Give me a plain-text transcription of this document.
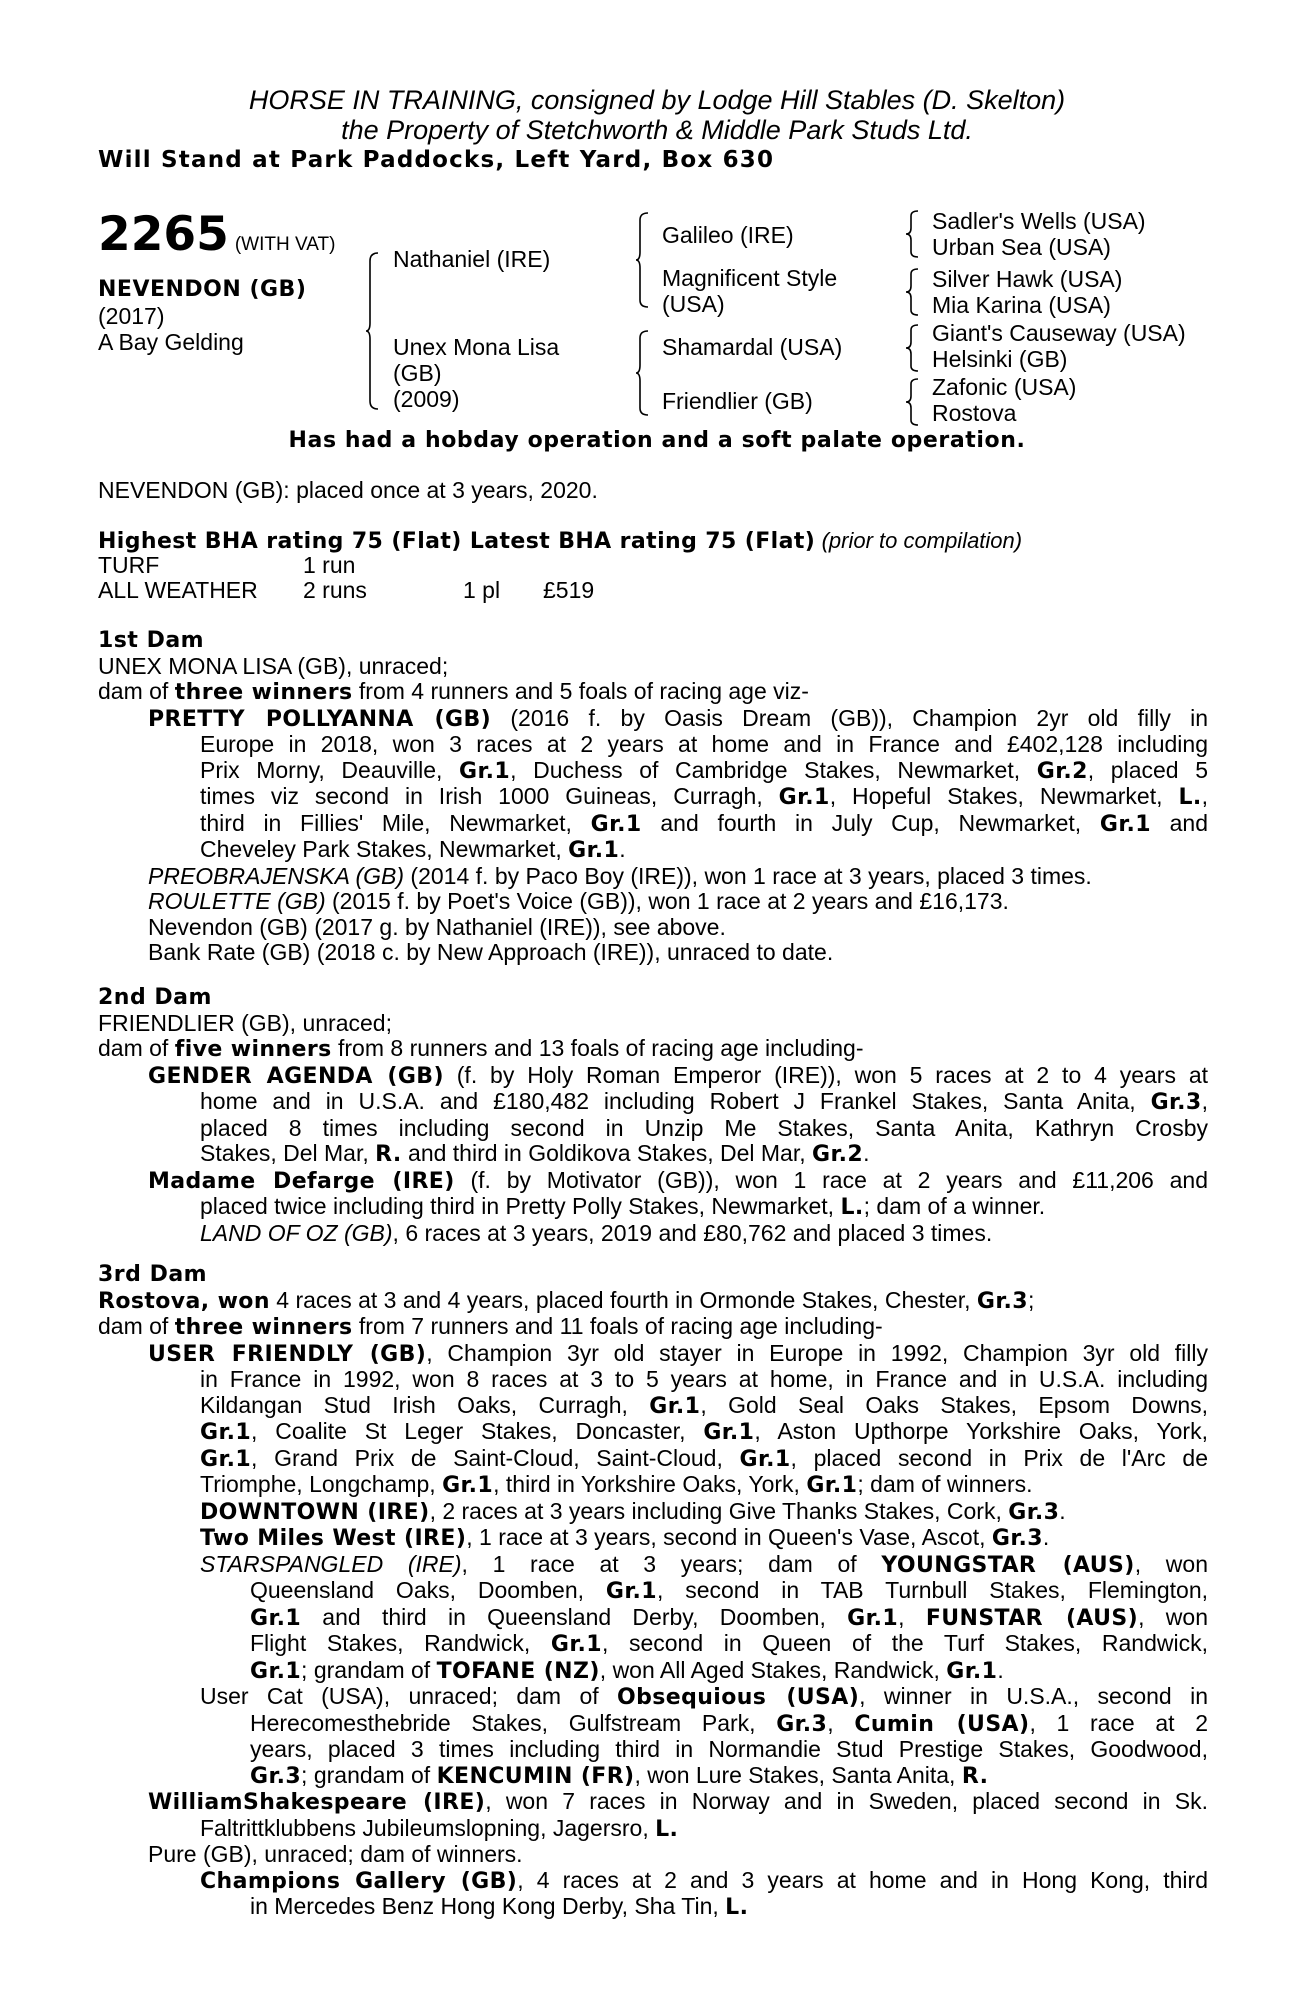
HORSE IN TRAINING, consigned by Lodge Hill Stables (D. Skelton)
the Property of Stetchworth & Middle Park Studs Ltd.
Will Stand at Park Paddocks, Left Yard, Box 630
2265 (WITH VAT)
NEVENDON (GB)
(2017)
A Bay Gelding
Nathaniel (IRE)
Unex Mona Lisa
(GB)
(2009)
Galileo (IRE)
Magnificent Style
(USA)
Shamardal (USA)
Friendlier (GB)
Sadler's Wells (USA)
Urban Sea (USA)
Silver Hawk (USA)
Mia Karina (USA)
Giant's Causeway (USA)
Helsinki (GB)
Zafonic (USA)
Rostova
Has had a hobday operation and a soft palate operation.
NEVENDON (GB): placed once at 3 years, 2020.
Highest BHA rating 75 (Flat) Latest BHA rating 75 (Flat) (prior to compilation)
TURF	1 run
ALL WEATHER 2 runs	1 pl £519

1st Dam

UNEX MONA LISA (GB), unraced;

dam of three winners from 4 runners and 5 foals of racing age viz-

PRETTY POLLYANNA (GB) (2016 f. by Oasis Dream (GB)), Champion 2yr old filly in

Europe in 2018, won 3 races at 2 years at home and in France and £402,128 including

Prix Morny, Deauville, Gr.1, Duchess of Cambridge Stakes, Newmarket, Gr.2, placed 5

times viz second in Irish 1000 Guineas, Curragh, Gr.1, Hopeful Stakes, Newmarket, L.,

third in Fillies' Mile, Newmarket, Gr.1 and fourth in July Cup, Newmarket, Gr.1 and

Cheveley Park Stakes, Newmarket, Gr.1.

PREOBRAJENSKA (GB) (2014 f. by Paco Boy (IRE)), won 1 race at 3 years, placed 3 times.

ROULETTE (GB) (2015 f. by Poet's Voice (GB)), won 1 race at 2 years and £16,173.

Nevendon (GB) (2017 g. by Nathaniel (IRE)), see above.

Bank Rate (GB) (2018 c. by New Approach (IRE)), unraced to date.

2nd Dam

FRIENDLIER (GB), unraced;

dam of five winners from 8 runners and 13 foals of racing age including-

GENDER AGENDA (GB) (f. by Holy Roman Emperor (IRE)), won 5 races at 2 to 4 years at

home and in U.S.A. and £180,482 including Robert J Frankel Stakes, Santa Anita, Gr.3,

placed 8 times including second in Unzip Me Stakes, Santa Anita, Kathryn Crosby

Stakes, Del Mar, R. and third in Goldikova Stakes, Del Mar, Gr.2.

Madame Defarge (IRE) (f. by Motivator (GB)), won 1 race at 2 years and £11,206 and

placed twice including third in Pretty Polly Stakes, Newmarket, L.; dam of a winner.

LAND OF OZ (GB), 6 races at 3 years, 2019 and £80,762 and placed 3 times.

3rd Dam

Rostova, won 4 races at 3 and 4 years, placed fourth in Ormonde Stakes, Chester, Gr.3;

dam of three winners from 7 runners and 11 foals of racing age including-

USER FRIENDLY (GB), Champion 3yr old stayer in Europe in 1992, Champion 3yr old filly

in France in 1992, won 8 races at 3 to 5 years at home, in France and in U.S.A. including

Kildangan Stud Irish Oaks, Curragh, Gr.1, Gold Seal Oaks Stakes, Epsom Downs,

Gr.1, Coalite St Leger Stakes, Doncaster, Gr.1, Aston Upthorpe Yorkshire Oaks, York,

Gr.1, Grand Prix de Saint-Cloud, Saint-Cloud, Gr.1, placed second in Prix de l'Arc de

Triomphe, Longchamp, Gr.1, third in Yorkshire Oaks, York, Gr.1; dam of winners.

DOWNTOWN (IRE), 2 races at 3 years including Give Thanks Stakes, Cork, Gr.3.

Two Miles West (IRE), 1 race at 3 years, second in Queen's Vase, Ascot, Gr.3.

STARSPANGLED (IRE), 1 race at 3 years; dam of YOUNGSTAR (AUS), won

Queensland Oaks, Doomben, Gr.1, second in TAB Turnbull Stakes, Flemington,

Gr.1 and third in Queensland Derby, Doomben, Gr.1, FUNSTAR (AUS), won

Flight Stakes, Randwick, Gr.1, second in Queen of the Turf Stakes, Randwick,

Gr.1; grandam of TOFANE (NZ), won All Aged Stakes, Randwick, Gr.1.

User Cat (USA), unraced; dam of Obsequious (USA), winner in U.S.A., second in

Herecomesthebride Stakes, Gulfstream Park, Gr.3, Cumin (USA), 1 race at 2

years, placed 3 times including third in Normandie Stud Prestige Stakes, Goodwood,

Gr.3; grandam of KENCUMIN (FR), won Lure Stakes, Santa Anita, R.

WilliamShakespeare (IRE), won 7 races in Norway and in Sweden, placed second in Sk.

Faltrittklubbens Jubileumslopning, Jagersro, L.

Pure (GB), unraced; dam of winners.

Champions Gallery (GB), 4 races at 2 and 3 years at home and in Hong Kong, third

in Mercedes Benz Hong Kong Derby, Sha Tin, L.
